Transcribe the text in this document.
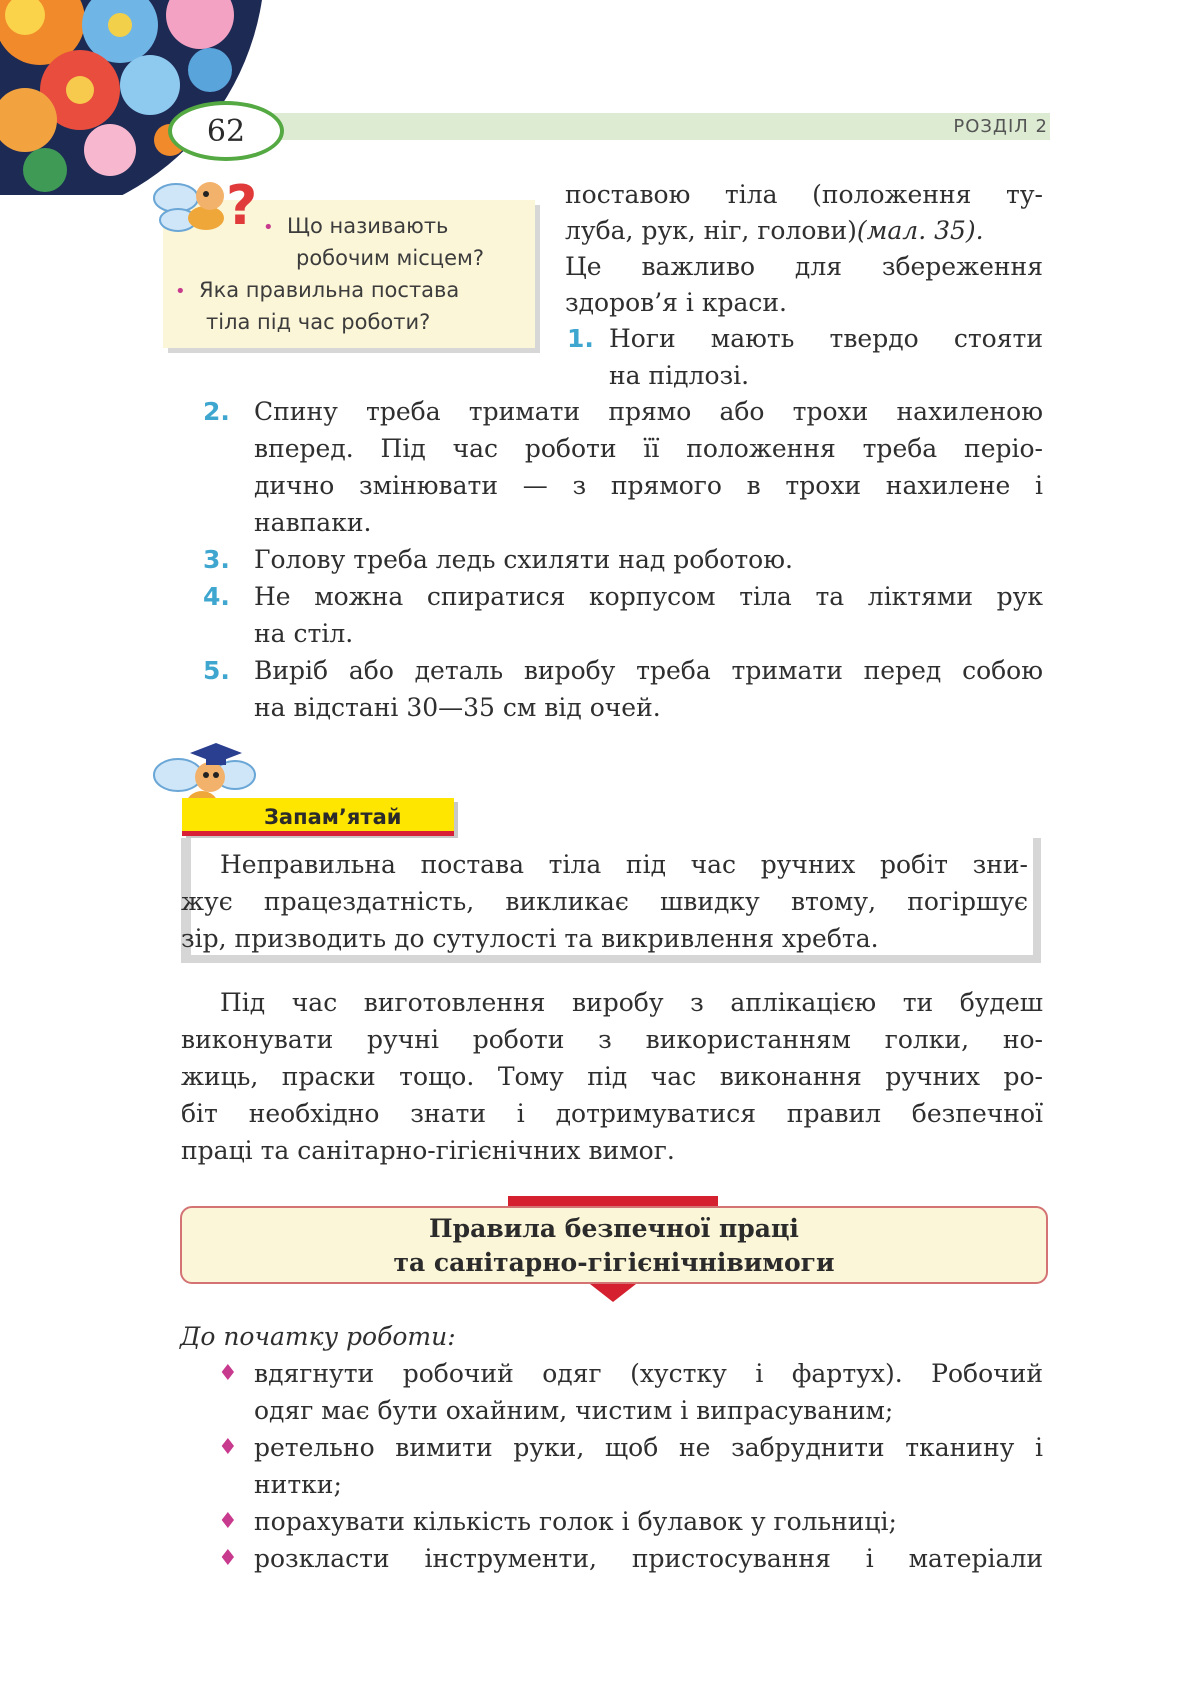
62	РОЗДІЛ 2
? • Що називають
робочим місцем?
• Яка правильна постава
тіла під час роботи?
поставою тіла (положення ту-
луба, рук, ніг, голови)(мал. 35).
Це важливо для збереження
здоров’я і краси.
1. Ноги мають твердо стояти
на підлозі.
2. Спину треба тримати прямо або трохи нахиленою
вперед. Під час роботи її положення треба періо-
дично змінювати — з прямого в трохи нахилене і
навпаки.
3. Голову треба ледь схиляти над роботою.
4. Не можна спиратися корпусом тіла та ліктями рук
на стіл.
5. Виріб або деталь виробу треба тримати перед собою
на відстані 30—35 см від очей.
Запам’ятай
Неправильна постава тіла під час ручних робіт зни-
жує працездатність, викликає швидку втому, погіршує
зір, призводить до сутулості та викривлення хребта.
Під час виготовлення виробу з аплікацією ти будеш
виконувати ручні роботи з використанням голки, но-
жиць, праски тощо. Тому під час виконання ручних ро-
біт необхідно знати і дотримуватися правил безпечної
праці та санітарно-гігієнічних вимог.
Правила безпечної праці
та санітарно-гігієнічнівимоги
До початку роботи:
♦ вдягнути робочий одяг (хустку і фартух). Робочий
одяг має бути охайним, чистим і випрасуваним;
♦ ретельно вимити руки, щоб не забруднити тканину і
нитки;
♦ порахувати кількість голок і булавок у гольниці;
♦ розкласти інструменти, пристосування і матеріали
